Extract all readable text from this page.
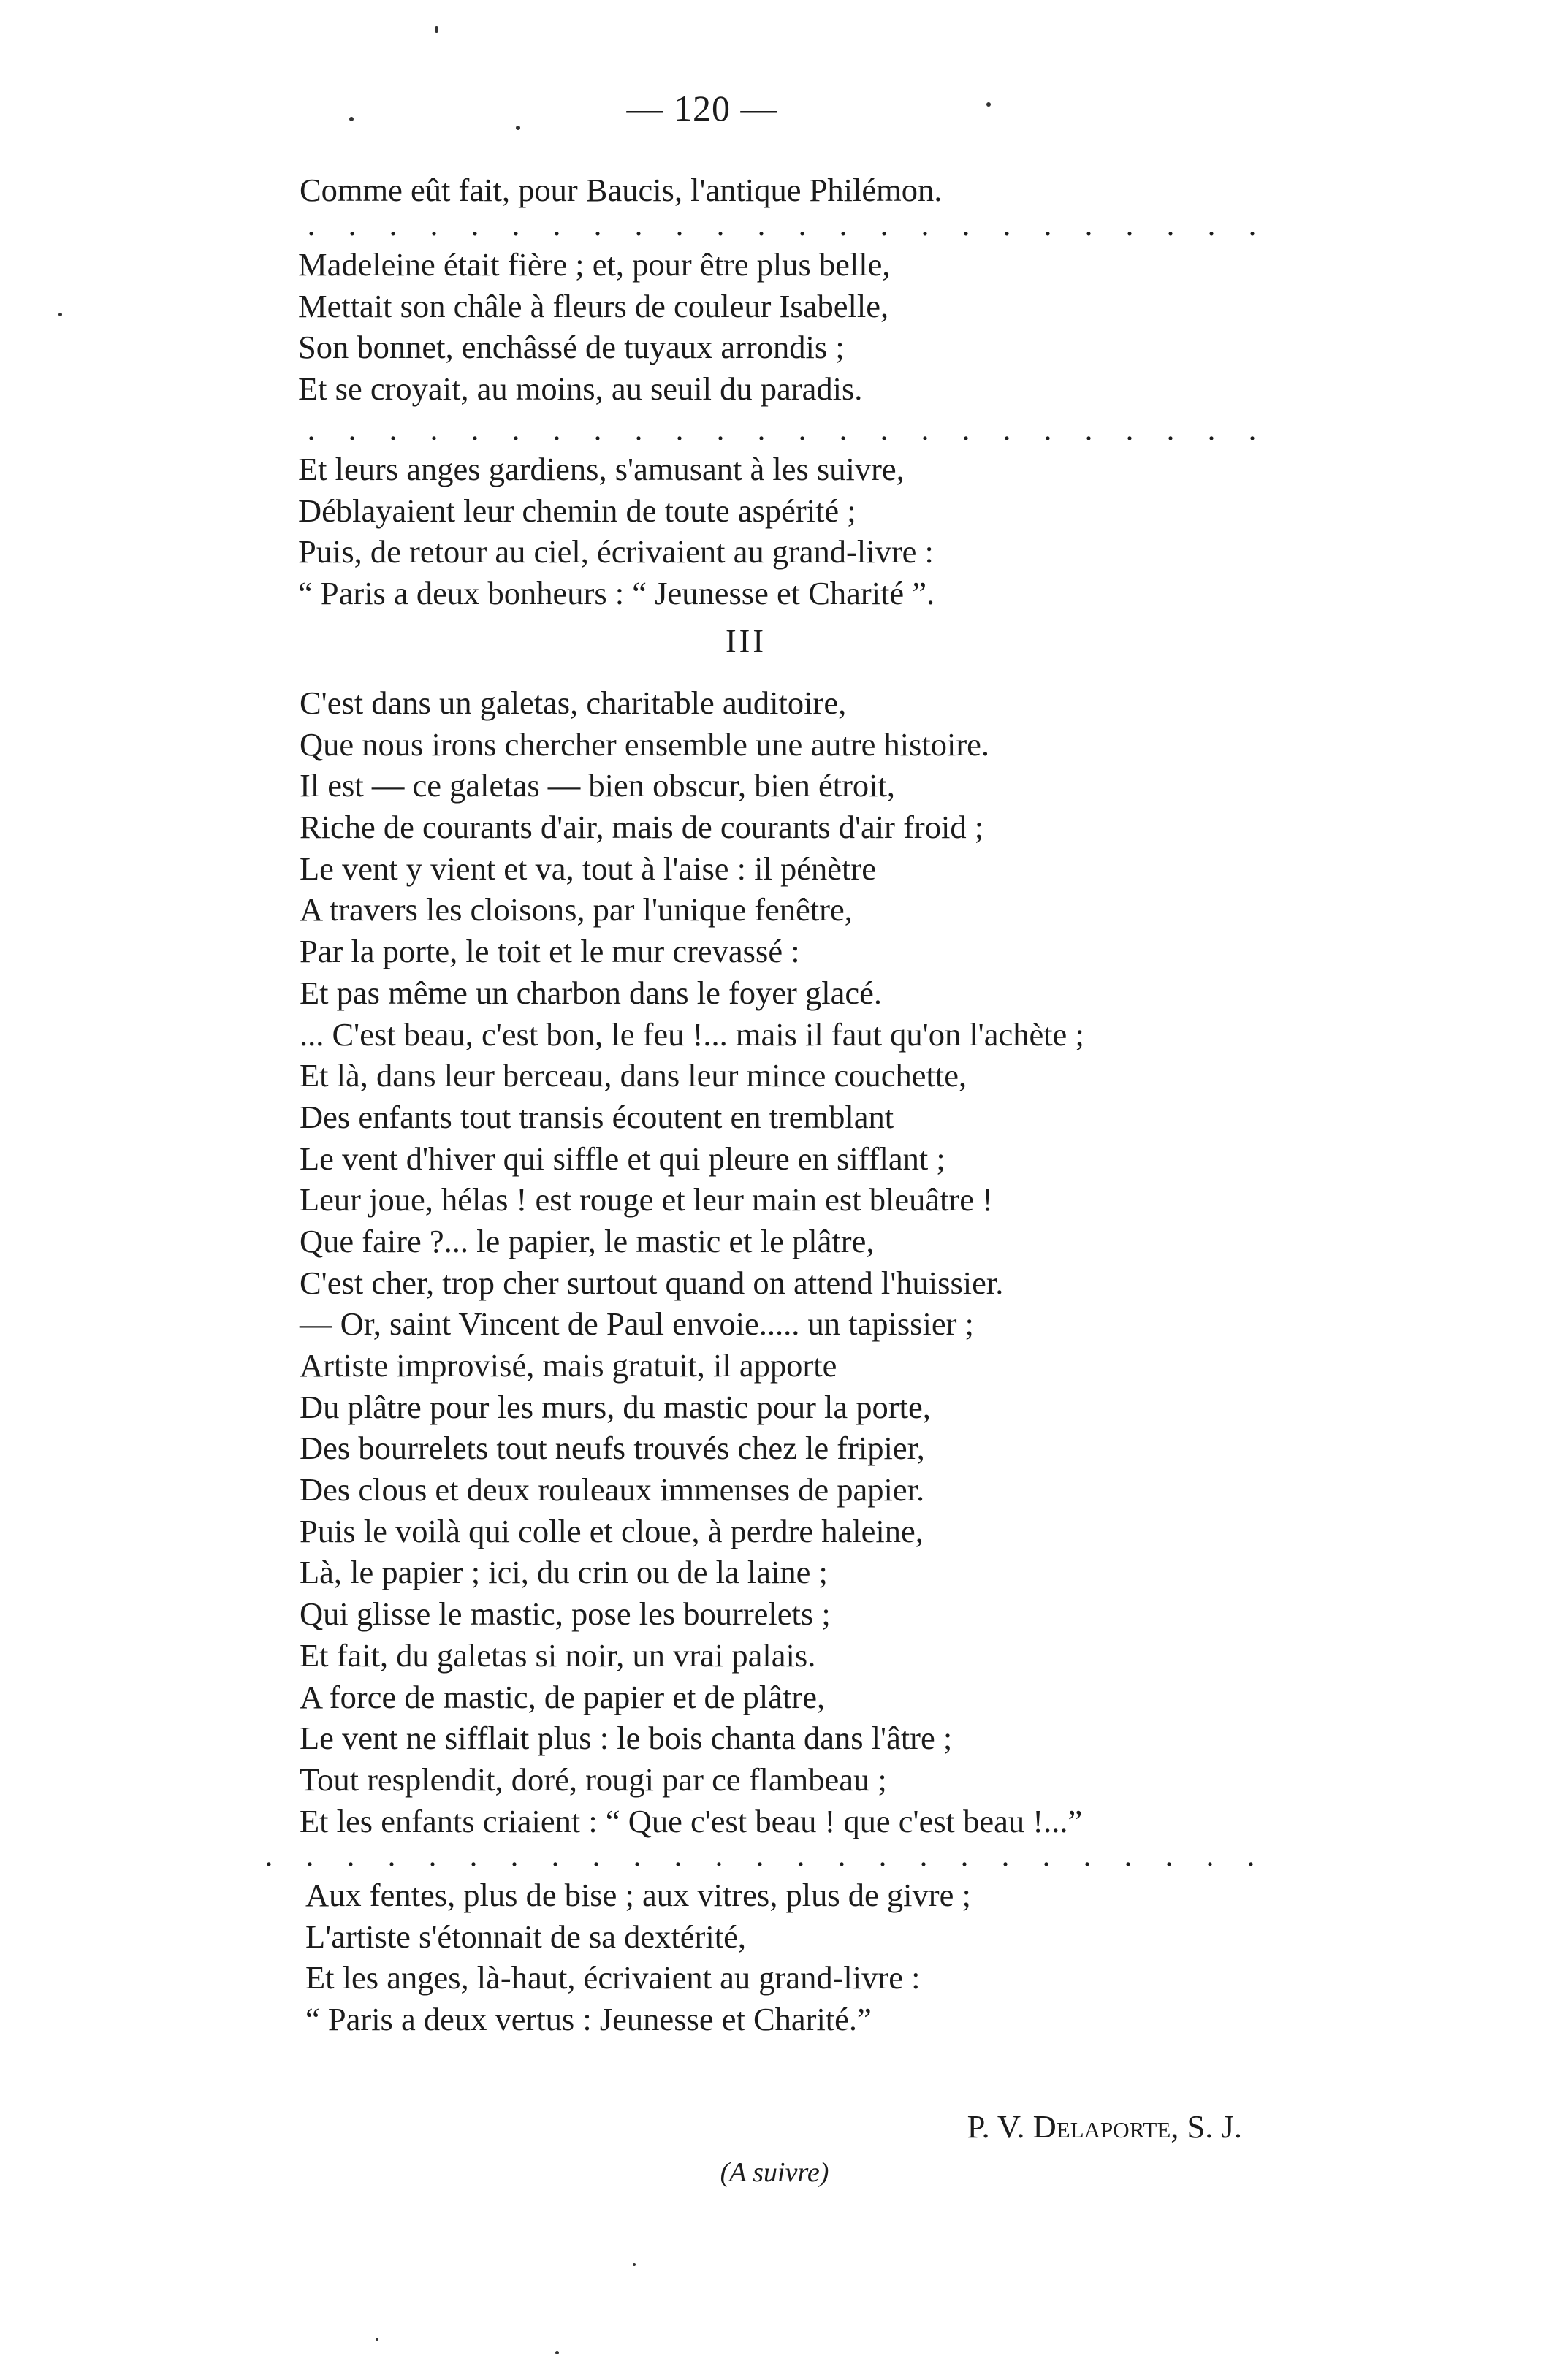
— 120 —
Comme eût fait, pour Baucis, l'antique Philémon.
. . . . . . . . . . . . . . . . . . . . . . . .
Madeleine était fière ; et, pour être plus belle,
Mettait son châle à fleurs de couleur Isabelle,
Son bonnet, enchâssé de tuyaux arrondis ;
Et se croyait, au moins, au seuil du paradis.
. . . . . . . . . . . . . . . . . . . . . . . .
Et leurs anges gardiens, s'amusant à les suivre,
Déblayaient leur chemin de toute aspérité ;
Puis, de retour au ciel, écrivaient au grand-livre :
“ Paris a deux bonheurs : “ Jeunesse et Charité ”.
III
C'est dans un galetas, charitable auditoire,
Que nous irons chercher ensemble une autre histoire.
Il est — ce galetas — bien obscur, bien étroit,
Riche de courants d'air, mais de courants d'air froid ;
Le vent y vient et va, tout à l'aise : il pénètre
A travers les cloisons, par l'unique fenêtre,
Par la porte, le toit et le mur crevassé :
Et pas même un charbon dans le foyer glacé.
... C'est beau, c'est bon, le feu !... mais il faut qu'on l'achète ;
Et là, dans leur berceau, dans leur mince couchette,
Des enfants tout transis écoutent en tremblant
Le vent d'hiver qui siffle et qui pleure en sifflant ;
Leur joue, hélas ! est rouge et leur main est bleuâtre !
Que faire ?... le papier, le mastic et le plâtre,
C'est cher, trop cher surtout quand on attend l'huissier.
— Or, saint Vincent de Paul envoie..... un tapissier ;
Artiste improvisé, mais gratuit, il apporte
Du plâtre pour les murs, du mastic pour la porte,
Des bourrelets tout neufs trouvés chez le fripier,
Des clous et deux rouleaux immenses de papier.
Puis le voilà qui colle et cloue, à perdre haleine,
Là, le papier ; ici, du crin ou de la laine ;
Qui glisse le mastic, pose les bourrelets ;
Et fait, du galetas si noir, un vrai palais.
A force de mastic, de papier et de plâtre,
Le vent ne sifflait plus : le bois chanta dans l'âtre ;
Tout resplendit, doré, rougi par ce flambeau ;
Et les enfants criaient : “ Que c'est beau ! que c'est beau !...”
. . . . . . . . . . . . . . . . . . . . . . . . .
Aux fentes, plus de bise ; aux vitres, plus de givre ;
L'artiste s'étonnait de sa dextérité,
Et les anges, là-haut, écrivaient au grand-livre :
“ Paris a deux vertus : Jeunesse et Charité.”
P. V. Delaporte, S. J.
(A suivre)
